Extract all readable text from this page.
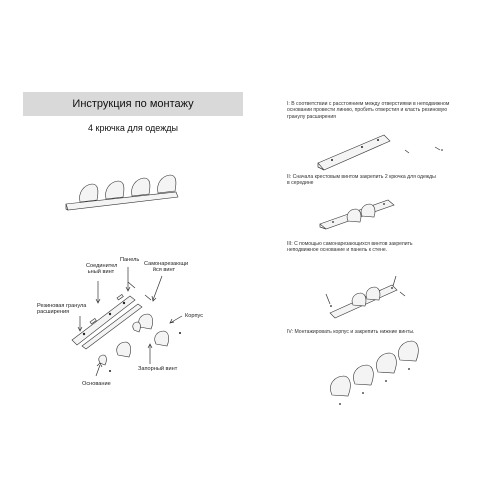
Инструкция по монтажу
4 крючка для одежды
Соединител
ьный винт
Панель
Самонарезающи
йся винт
Резиновая гранула
расширения
Корпус
Основание
Запорный винт
I: В соответствии с расстоянием между отверстиями в неподвижном
основании провести линию, пробить отверстия и класть резиновую
гранулу расширения
II: Сначала крестовым винтом закрепить 2 крючка для одежды
в середине
III: С помощью самонарезающихся винтов закрепить
неподвижное основание и панель к стене.
IV: Монтажировать корпус и закрепить нижние винты.
